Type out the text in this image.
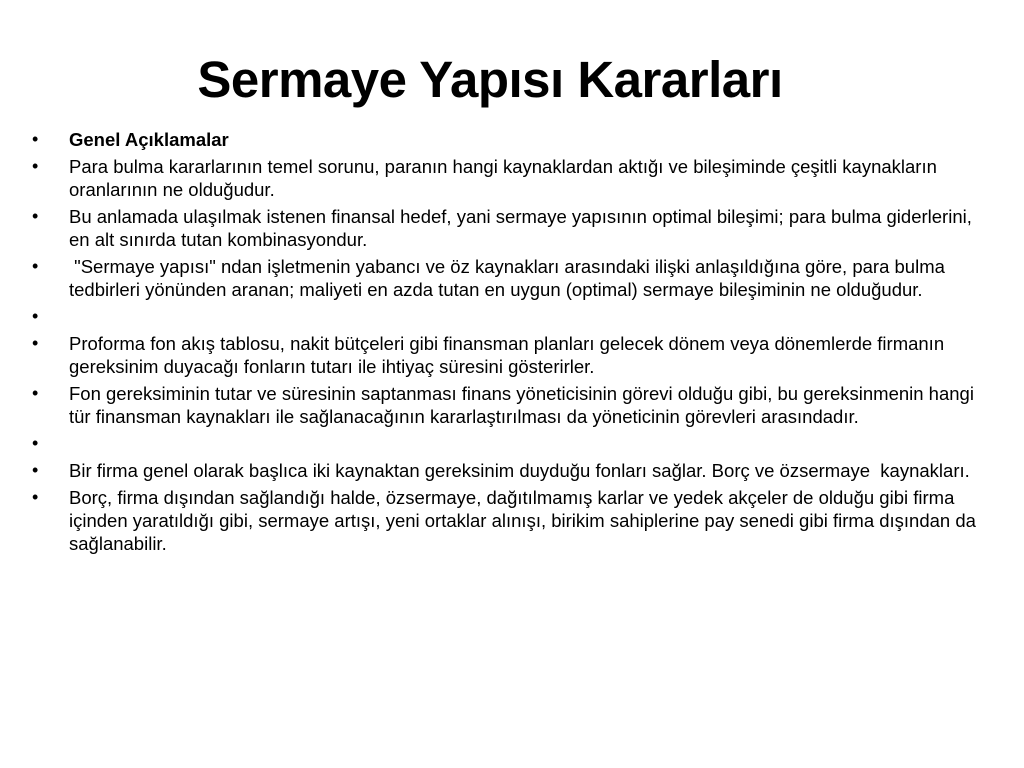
Sermaye Yapısı Kararları
• Genel Açıklamalar
• Para bulma kararlarının temel sorunu, paranın hangi kaynaklardan aktığı ve bileşiminde çeşitli kaynakların oranlarının ne olduğudur.
• Bu anlamada ulaşılmak istenen finansal hedef, yani sermaye yapısının optimal bileşimi; para bulma giderlerini, en alt sınırda tutan kombinasyondur.
• "Sermaye yapısı" ndan işletmenin yabancı ve öz kaynakları arasındaki ilişki anlaşıldığına göre, para bulma tedbirleri yönünden aranan; maliyeti en azda tutan en uygun (optimal) sermaye bileşiminin ne olduğudur.
•
• Proforma fon akış tablosu, nakit bütçeleri gibi finansman planları gelecek dönem veya dönemlerde firmanın gereksinim duyacağı fonların tutarı ile ihtiyaç süresini gösterirler.
• Fon gereksiminin tutar ve süresinin saptanması finans yöneticisinin görevi olduğu gibi, bu gereksinmenin hangi tür finansman kaynakları ile sağlanacağının kararlaştırılması da yöneticinin görevleri arasındadır.
•
• Bir firma genel olarak başlıca iki kaynaktan gereksinim duyduğu fonları sağlar. Borç ve özsermaye  kaynakları.
• Borç, firma dışından sağlandığı halde, özsermaye, dağıtılmamış karlar ve yedek akçeler de olduğu gibi firma içinden yaratıldığı gibi, sermaye artışı, yeni ortaklar alınışı, birikim sahiplerine pay senedi gibi firma dışından da sağlanabilir.
